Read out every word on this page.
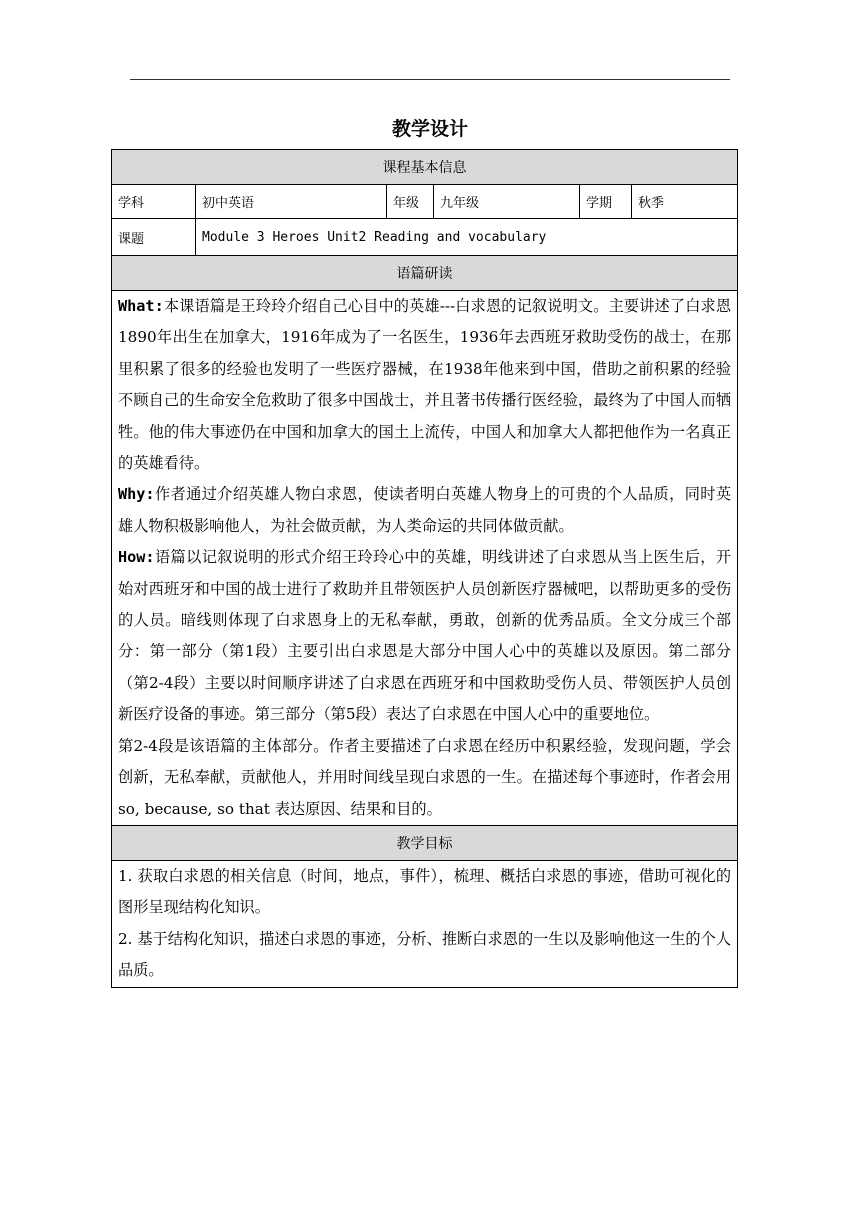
教学设计
课程基本信息					
学科	初中英语	年级	九年级	学期	秋季
课题	Module 3 Heroes Unit2 Reading and vocabulary				
语篇研读					

What:本课语篇是王玲玲介绍自己心目中的英雄---白求恩的记叙说明文。主要讲述了白求恩1890年出生在加拿大，1916年成为了一名医生，1936年去西班牙救助受伤的战士，在那里积累了很多的经验也发明了一些医疗器械，在1938年他来到中国，借助之前积累的经验不顾自己的生命安全危救助了很多中国战士，并且著书传播行医经验，最终为了中国人而牺牲。他的伟大事迹仍在中国和加拿大的国土上流传，中国人和加拿大人都把他作为一名真正的英雄看待。

Why:作者通过介绍英雄人物白求恩，使读者明白英雄人物身上的可贵的个人品质，同时英雄人物积极影响他人，为社会做贡献，为人类命运的共同体做贡献。

How:语篇以记叙说明的形式介绍王玲玲心中的英雄，明线讲述了白求恩从当上医生后，开始对西班牙和中国的战士进行了救助并且带领医护人员创新医疗器械吧，以帮助更多的受伤的人员。暗线则体现了白求恩身上的无私奉献，勇敢，创新的优秀品质。全文分成三个部分：第一部分（第1段）主要引出白求恩是大部分中国人心中的英雄以及原因。第二部分（第2-4段）主要以时间顺序讲述了白求恩在西班牙和中国救助受伤人员、带领医护人员创新医疗设备的事迹。第三部分（第5段）表达了白求恩在中国人心中的重要地位。

第2-4段是该语篇的主体部分。作者主要描述了白求恩在经历中积累经验，发现问题，学会创新，无私奉献，贡献他人，并用时间线呈现白求恩的一生。在描述每个事迹时，作者会用so, because, so that 表达原因、结果和目的。					

教学目标					

1. 获取白求恩的相关信息（时间，地点，事件），梳理、概括白求恩的事迹，借助可视化的图形呈现结构化知识。

2. 基于结构化知识，描述白求恩的事迹，分析、推断白求恩的一生以及影响他这一生的个人品质。					
